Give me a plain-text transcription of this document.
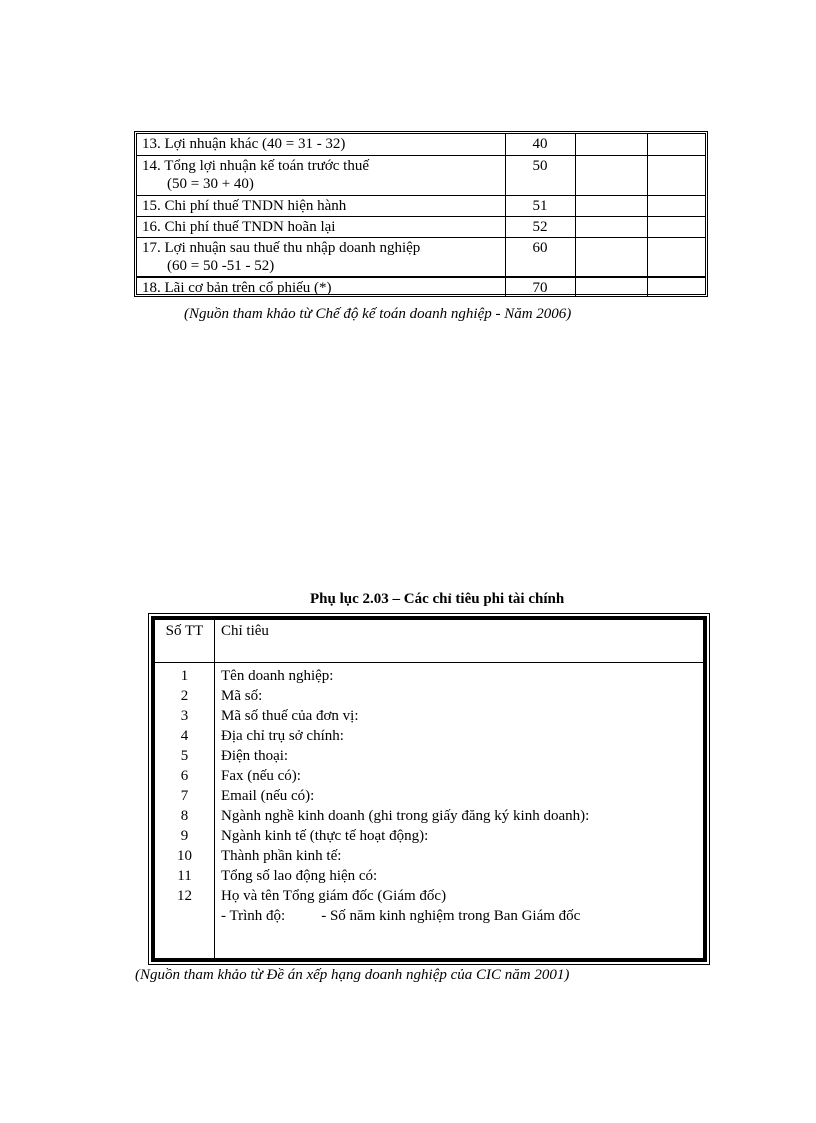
13. Lợi nhuận khác (40 = 31 - 32)	40		
14. Tổng lợi nhuận kế toán trước thuế
(50 = 30 + 40)	50		
15. Chi phí thuế TNDN hiện hành	51		
16. Chi phí thuế TNDN hoãn lại	52		
17. Lợi nhuận sau thuế thu nhập doanh nghiệp
(60 = 50 -51 - 52)	60		
18. Lãi cơ bản trên cổ phiếu (*)	70		
(Nguồn tham khảo từ Chế độ kế toán doanh nghiệp - Năm 2006)
Phụ lục 2.03 – Các chỉ tiêu phi tài chính
Số TT	Chỉ tiêu
1	Tên doanh nghiệp:
2	Mã số:
3	Mã số thuế của đơn vị:
4	Địa chỉ trụ sở chính:
5	Điện thoại:
6	Fax (nếu có):
7	Email (nếu có):
8	Ngành nghề kinh doanh (ghi trong giấy đăng ký kinh doanh):
9	Ngành kinh tế (thực tế hoạt động):
10	Thành phần kinh tế:
11	Tổng số lao động hiện có:
12	Họ và tên Tổng giám đốc (Giám đốc)
- Trình độ: - Số năm kinh nghiệm trong Ban Giám đốc
(Nguồn tham khảo từ Đề án xếp hạng doanh nghiệp của CIC năm 2001)
